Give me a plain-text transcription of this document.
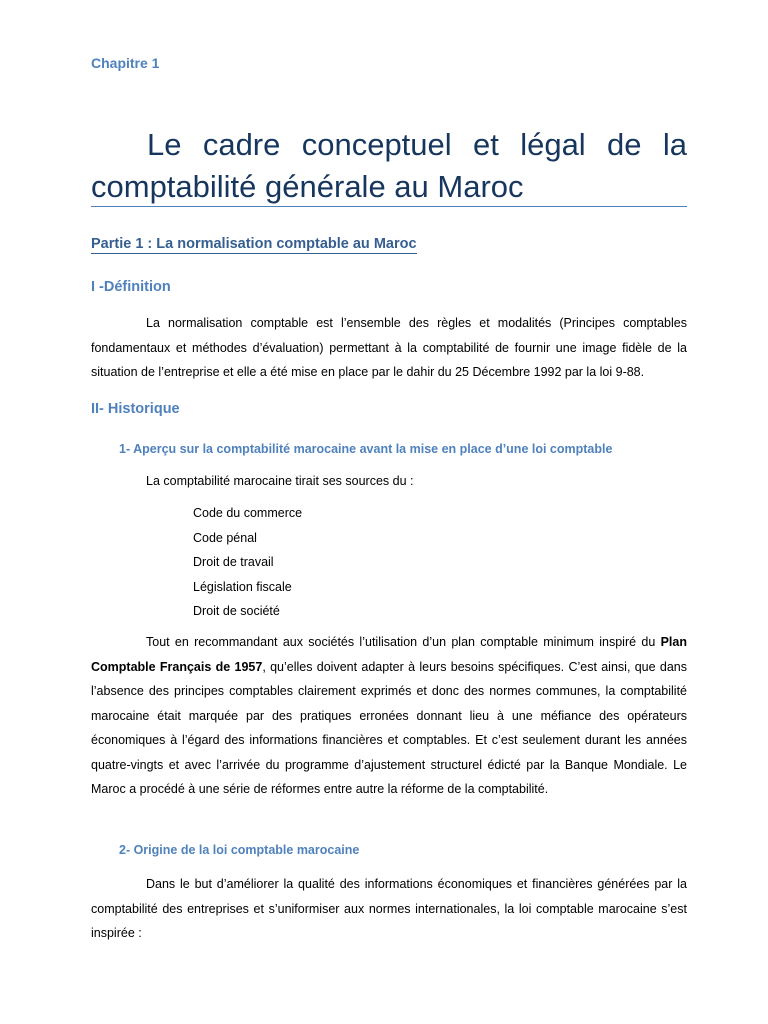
Chapitre 1
Le cadre conceptuel et légal de la comptabilité générale au Maroc
Partie 1 : La normalisation comptable au Maroc
I -Définition
La normalisation comptable est l’ensemble des règles et modalités (Principes comptables fondamentaux et méthodes d’évaluation) permettant à la comptabilité de fournir une image fidèle de la situation de l’entreprise et elle a été mise en place par le dahir du 25 Décembre 1992 par la loi 9-88.
II- Historique
1- Aperçu sur la comptabilité marocaine avant la mise en place d’une loi comptable
La comptabilité marocaine tirait ses sources du :
Code du commerce
Code pénal
Droit de travail
Législation fiscale
Droit de société
Tout en recommandant aux sociétés l’utilisation d’un plan comptable minimum inspiré du Plan Comptable Français de 1957, qu’elles doivent adapter à leurs besoins spécifiques. C’est ainsi, que dans l’absence des principes comptables clairement exprimés et donc des normes communes, la comptabilité marocaine était marquée par des pratiques erronées donnant lieu à une méfiance des opérateurs économiques à l’égard des informations financières et comptables. Et c’est seulement durant les années quatre-vingts et avec l’arrivée du programme d’ajustement structurel édicté par la Banque Mondiale. Le Maroc a procédé à une série de réformes entre autre la réforme de la comptabilité.
2- Origine de la loi comptable marocaine
Dans le but d’améliorer la qualité des informations économiques et financières générées par la comptabilité des entreprises et s’uniformiser aux normes internationales, la loi comptable marocaine s’est inspirée :
